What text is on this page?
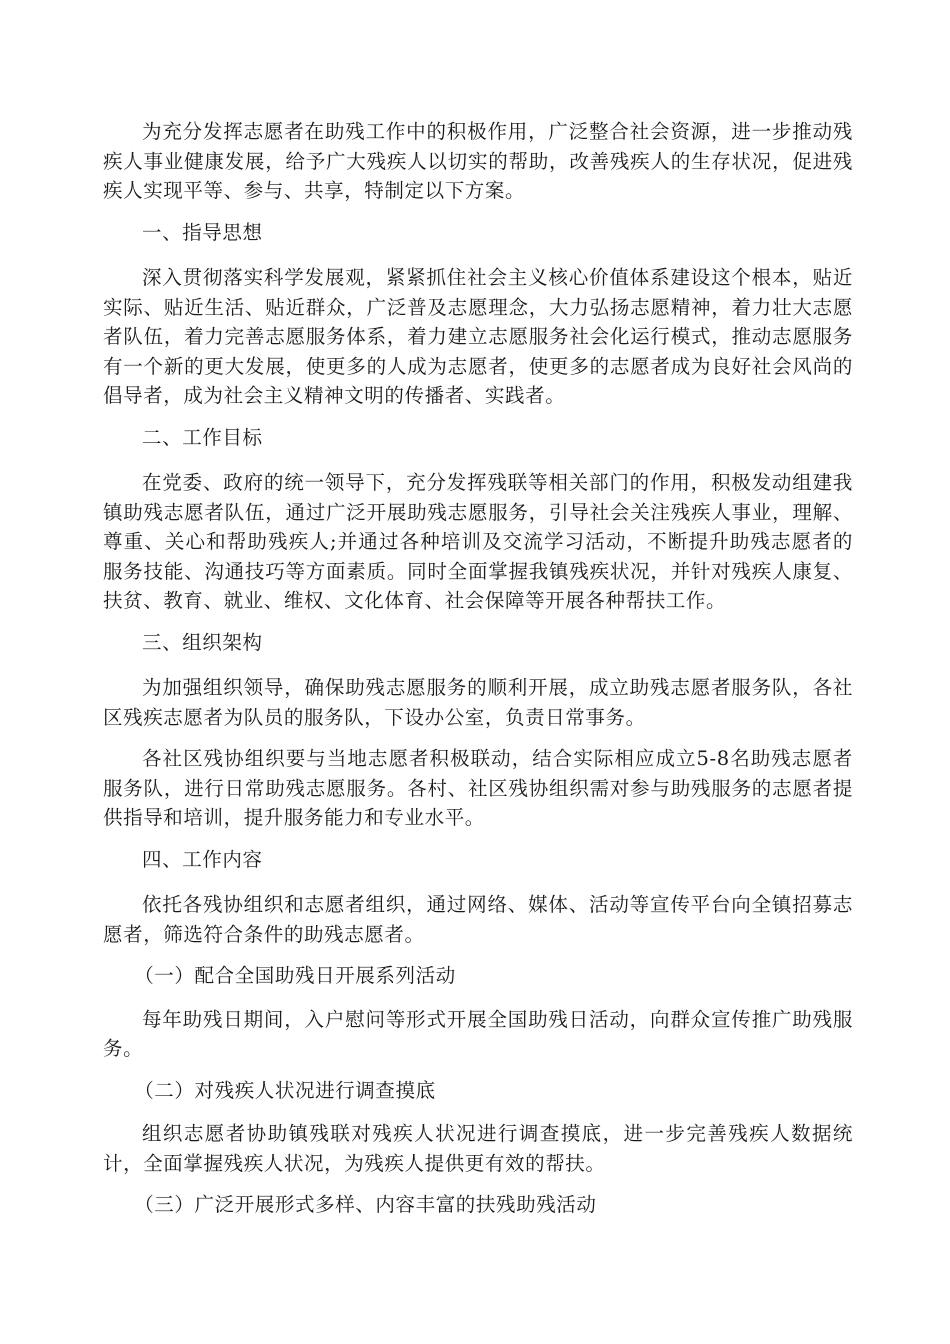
为充分发挥志愿者在助残工作中的积极作用，广泛整合社会资源，进一步推动残疾人事业健康发展，给予广大残疾人以切实的帮助，改善残疾人的生存状况，促进残疾人实现平等、参与、共享，特制定以下方案。

一、指导思想

深入贯彻落实科学发展观，紧紧抓住社会主义核心价值体系建设这个根本，贴近实际、贴近生活、贴近群众，广泛普及志愿理念，大力弘扬志愿精神，着力壮大志愿者队伍，着力完善志愿服务体系，着力建立志愿服务社会化运行模式，推动志愿服务有一个新的更大发展，使更多的人成为志愿者，使更多的志愿者成为良好社会风尚的倡导者，成为社会主义精神文明的传播者、实践者。

二、工作目标

在党委、政府的统一领导下，充分发挥残联等相关部门的作用，积极发动组建我镇助残志愿者队伍，通过广泛开展助残志愿服务，引导社会关注残疾人事业，理解、尊重、关心和帮助残疾人;并通过各种培训及交流学习活动，不断提升助残志愿者的服务技能、沟通技巧等方面素质。同时全面掌握我镇残疾状况，并针对残疾人康复、扶贫、教育、就业、维权、文化体育、社会保障等开展各种帮扶工作。

三、组织架构

为加强组织领导，确保助残志愿服务的顺利开展，成立助残志愿者服务队，各社区残疾志愿者为队员的服务队，下设办公室，负责日常事务。

各社区残协组织要与当地志愿者积极联动，结合实际相应成立5-8名助残志愿者服务队，进行日常助残志愿服务。各村、社区残协组织需对参与助残服务的志愿者提供指导和培训，提升服务能力和专业水平。

四、工作内容

依托各残协组织和志愿者组织，通过网络、媒体、活动等宣传平台向全镇招募志愿者，筛选符合条件的助残志愿者。

（一）配合全国助残日开展系列活动

每年助残日期间，入户慰问等形式开展全国助残日活动，向群众宣传推广助残服务。

（二）对残疾人状况进行调查摸底

组织志愿者协助镇残联对残疾人状况进行调查摸底，进一步完善残疾人数据统计，全面掌握残疾人状况，为残疾人提供更有效的帮扶。

（三）广泛开展形式多样、内容丰富的扶残助残活动
